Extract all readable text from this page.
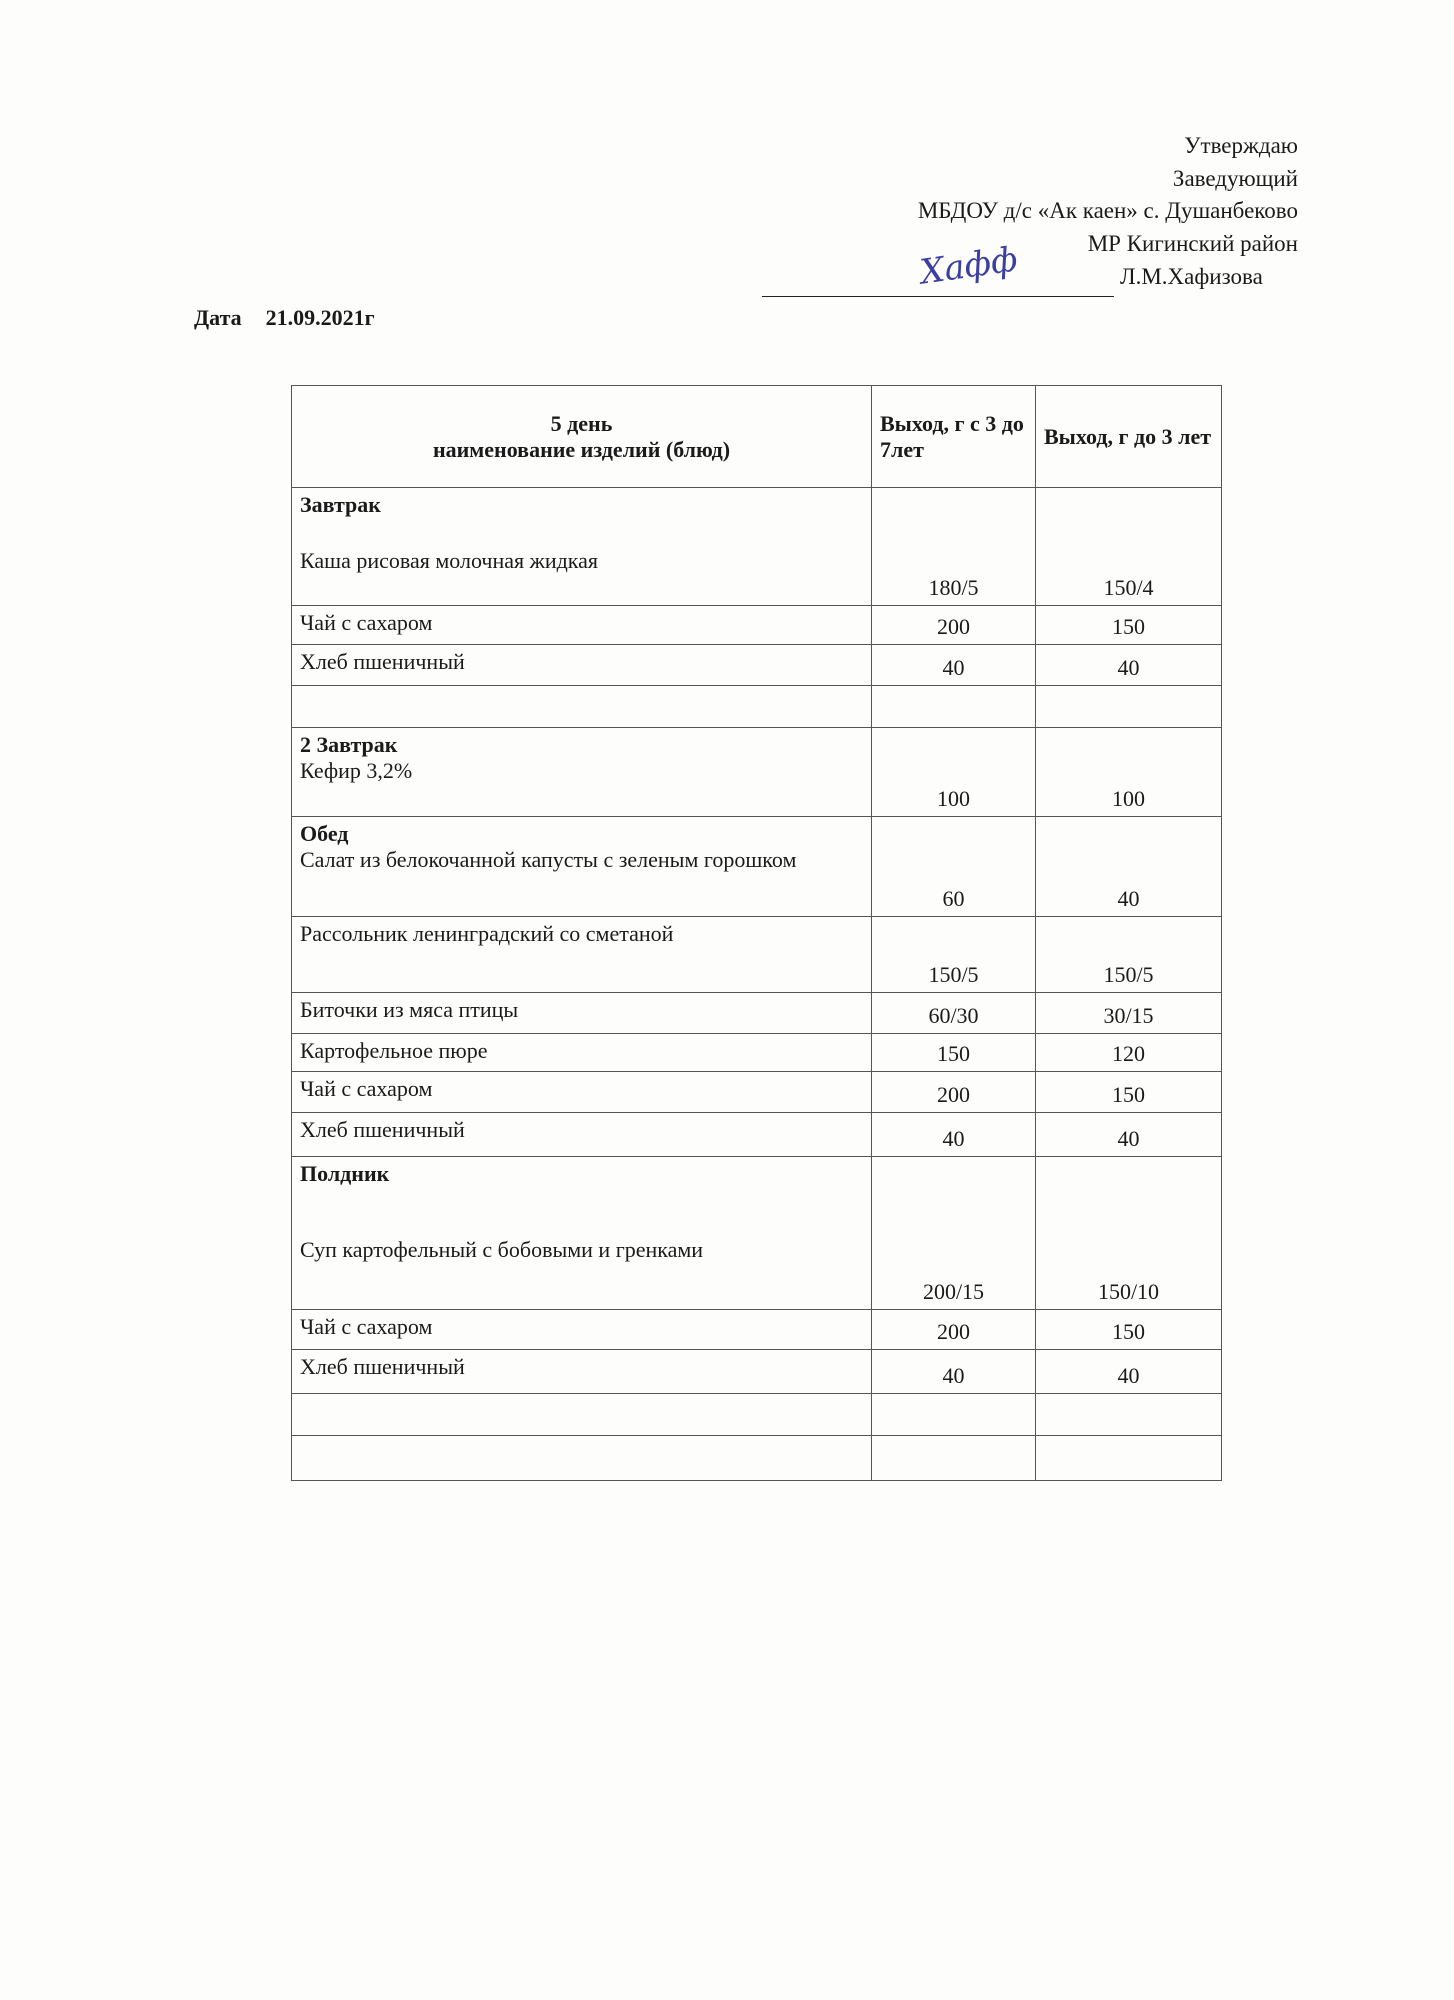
Утверждаю
Заведующий
МБДОУ д/с «Ак каен» с. Душанбеково
МР Кигинский район
Хафф	Л.М.Хафизова
Дата 21.09.2021г
5 день
наименование изделий (блюд)	Выход, г с 3 до 7лет	Выход, г до 3 лет

Завтрак
Каша рисовая молочная жидкая	180/5	150/4
Чай с сахаром	200	150
Хлеб пшеничный	40	40

2 Завтрак
Кефир 3,2%	100	100

Обед
Салат из белокочанной капусты с зеленым горошком	60	40
Рассольник ленинградский со сметаной	150/5	150/5
Биточки из мяса птицы	60/30	30/15
Картофельное пюре	150	120
Чай с сахаром	200	150
Хлеб пшеничный	40	40

Полдник
Суп картофельный с бобовыми и гренками	200/15	150/10
Чай с сахаром	200	150
Хлеб пшеничный	40	40
